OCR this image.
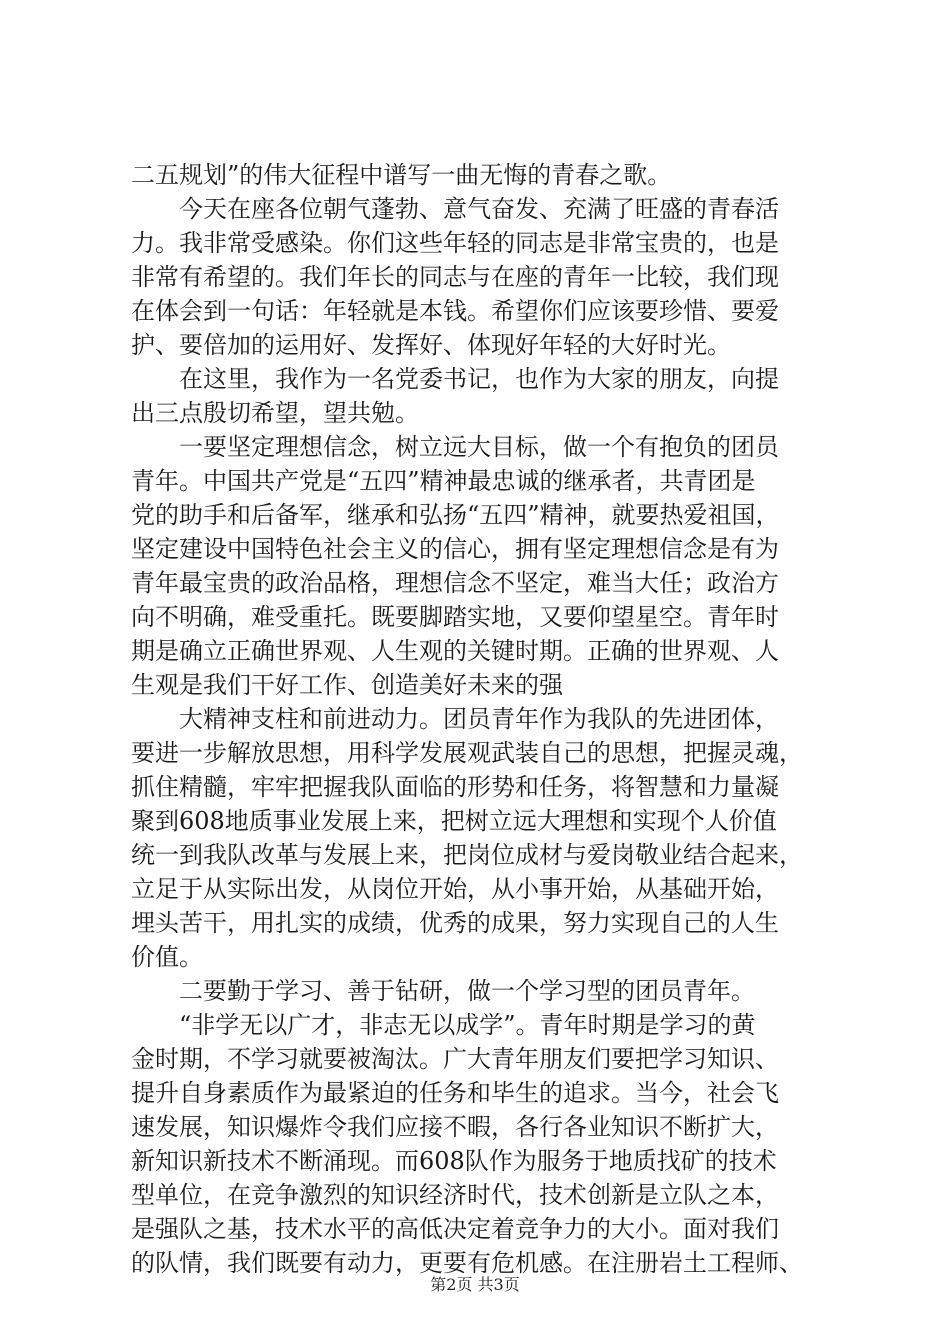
二五规划”的伟大征程中谱写一曲无悔的青春之歌。
　　今天在座各位朝气蓬勃、意气奋发、充满了旺盛的青春活
力。我非常受感染。你们这些年轻的同志是非常宝贵的，也是
非常有希望的。我们年长的同志与在座的青年一比较，我们现
在体会到一句话：年轻就是本钱。希望你们应该要珍惜、要爱
护、要倍加的运用好、发挥好、体现好年轻的大好时光。
　　在这里，我作为一名党委书记，也作为大家的朋友，向提
出三点殷切希望，望共勉。
　　一要坚定理想信念，树立远大目标，做一个有抱负的团员
青年。中国共产党是“五四”精神最忠诚的继承者，共青团是
党的助手和后备军，继承和弘扬“五四”精神，就要热爱祖国，
坚定建设中国特色社会主义的信心，拥有坚定理想信念是有为
青年最宝贵的政治品格，理想信念不坚定，难当大任；政治方
向不明确，难受重托。既要脚踏实地，又要仰望星空。青年时
期是确立正确世界观、人生观的关键时期。正确的世界观、人
生观是我们干好工作、创造美好未来的强
　　大精神支柱和前进动力。团员青年作为我队的先进团体，
要进一步解放思想，用科学发展观武装自己的思想，把握灵魂，
抓住精髓，牢牢把握我队面临的形势和任务，将智慧和力量凝
聚到608地质事业发展上来，把树立远大理想和实现个人价值
统一到我队改革与发展上来，把岗位成材与爱岗敬业结合起来，
立足于从实际出发，从岗位开始，从小事开始，从基础开始，
埋头苦干，用扎实的成绩，优秀的成果，努力实现自己的人生
价值。
　　二要勤于学习、善于钻研，做一个学习型的团员青年。
　　“非学无以广才，非志无以成学”。青年时期是学习的黄
金时期，不学习就要被淘汰。广大青年朋友们要把学习知识、
提升自身素质作为最紧迫的任务和毕生的追求。当今，社会飞
速发展，知识爆炸令我们应接不暇，各行各业知识不断扩大，
新知识新技术不断涌现。而608队作为服务于地质找矿的技术
型单位，在竞争激烈的知识经济时代，技术创新是立队之本，
是强队之基，技术水平的高低决定着竞争力的大小。面对我们
的队情，我们既要有动力，更要有危机感。在注册岩土工程师、
第2页 共3页
